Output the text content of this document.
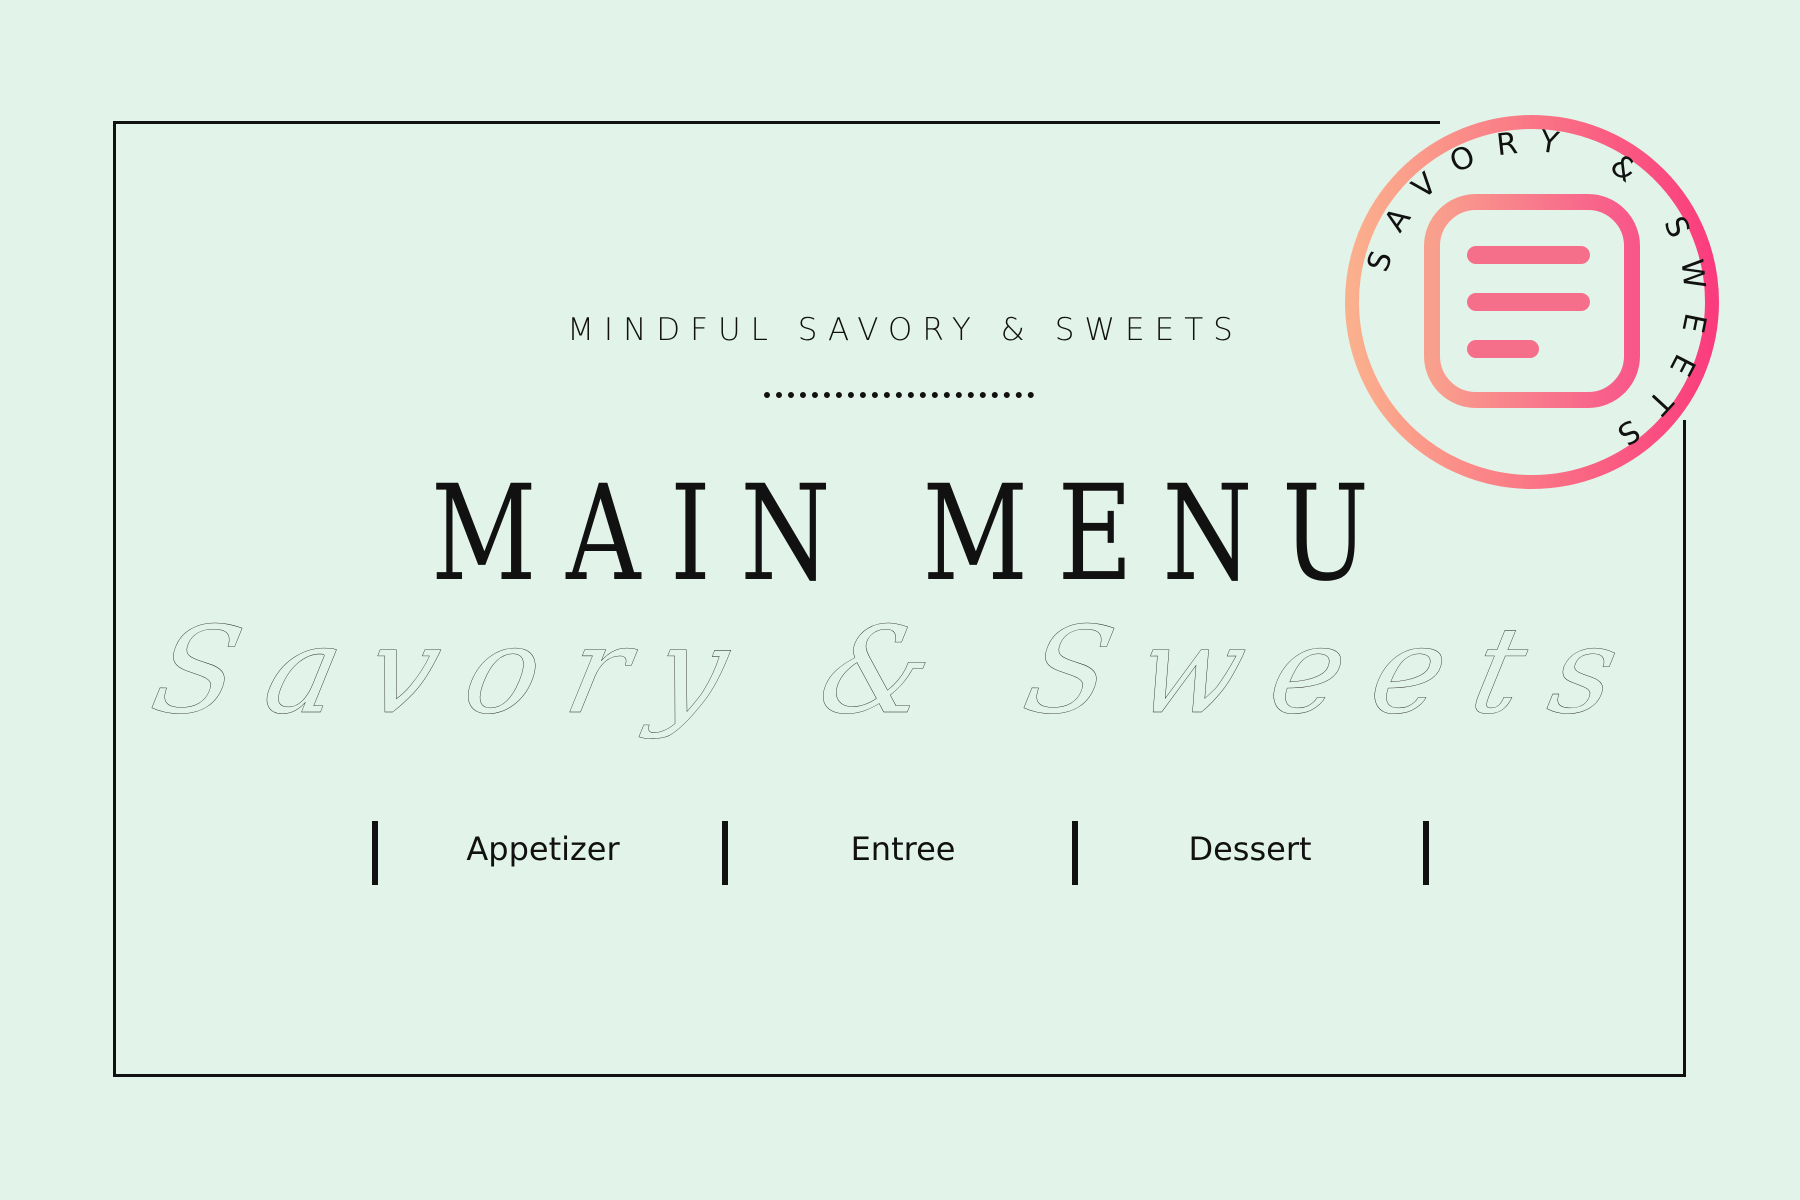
MINDFUL SAVORY & SWEETS
MAIN MENU
Savory & Sweets
Appetizer	Entree	Dessert
SAVORY & SWEETS
